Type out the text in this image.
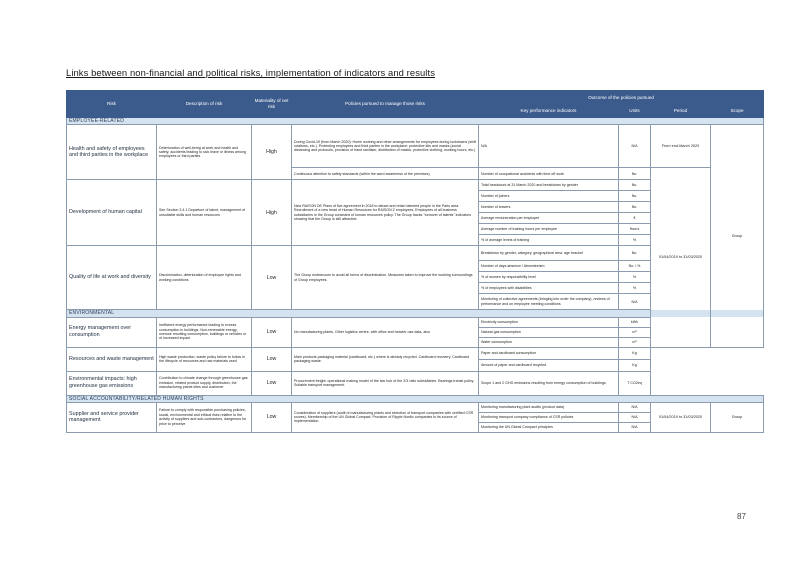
Links between non-financial and political risks, implementation of indicators and results
Risk	Description of risk	Materiality of net risk	Policies pursued to manage those risks	Outcome of the policies pursued			
				Key performance indicators	Units	Period	Scope
EMPLOYEE-RELATED							
Health and safety of employees and third parties in the workplace	Deterioration of well-being at work and health and safety, accidents leading to sick leave or illness among employees or third parties	High	During Covid-19 (from March 2020): Home working and other arrangements for employees during lockdowns (shift rotations, etc.). Protecting employees and third parties in the workplace: protective kits and masks (social distancing and protocols, provision of hand sanitiser, distribution of masks, protective clothing, working hours, etc.)	N/A	N/A	From end-March 2020	Group
			Continuous attention to safety standards (within the word awareness of the premises)	Number of occupational accidents with time off work	No.	01/04/2019 to 31/03/2020	
Development of human capital	See Section 3.4.1 Departure of talent, management of unsuitable skills and human resources	High	New RAISON DE Plans of five agreement in 2018 to attract and retain talented people in the Paris area. Recruitment of a new head of Human Resources for RAISON Z employees. Employees of all business subsidiaries in the Group consisted of human resources policy. The Group tracks "turnover of talents" indicators showing that the Group is still attractive.	Total headcount at 31 March 2020 and breakdown by gender	No.		
				Number of joiners	No.		
				Number of leavers	No.		
				Average remuneration per employee	€		
				Average number of training hours per employee	Hours		
				% of average levels of training	%		
Quality of life at work and diversity	Discrimination, deterioration of employee rights and working conditions	Low	The Group endeavours to avoid all forms of discrimination. Measures taken to improve the working surroundings of Group employees.	Breakdown by gender, category, geographical area, age bracket	No.		
				Number of days absence / Absenteeism	No. / %		
				% of women by responsibility level	%		
				% of employees with disabilities	%		
				Monitoring of collective agreements (bringing into order the company), reviews of performance and on employee meeting conditions	N/A		
ENVIRONMENTAL							
Energy management over consumption	Inefficient energy performance leading to excess consumption in buildings. Non-renewable energy, overuse resulting consumption, buildings or vehicles or of increased impact	Low	No manufacturing plants. Other logistics centre, with office and heavier-use data, also	Electricity consumption	kWh		
				Natural gas consumption	m³		
				Water consumption	m³		
Resources and waste management	High waste production, waste policy failure to follow in the lifecycle of resources and raw materials used	Low	Main products packaging material (cardboard, etc.) where is already recycled. Cardboard recovery. Cardboard packaging waste.	Paper and cardboard consumption	Kg		
				Amount of paper and cardboard recycled	Kg		
Environmental impacts: high greenhouse gas emissions	Contribution to climate change through greenhouse gas emission, related product supply, distribution, the manufacturing plants sites and customer	Low	Procurement freight: operational making model of the two hub of the 2/3 ratio subsidiaries. Bearings transit policy. Suitable transport management.	Scope 1 and 2 GHG emissions resulting from energy consumption of buildings	T CO2eq		
SOCIAL ACCOUNTABILITY/RELATED HUMAN RIGHTS							
Supplier and service provider management	Failure to comply with responsible purchasing policies, social, environmental and ethical risks relative to the activity of suppliers and sub-contractors, dangerous for price to perceive	Low	Consideration of suppliers (audit of manufacturing plants and selection of transport companies with certified CSR scores). Membership of the UN Global Compact. Provision of Ripple Nordic companies to its source of implementation.	Monitoring manufacturing plant audits (product data)	N/A	01/04/2019 to 31/03/2020	Group
				Monitoring transport company compliance of CSR policies	N/A		
				Monitoring the UN Global Compact principles	N/A		
87
